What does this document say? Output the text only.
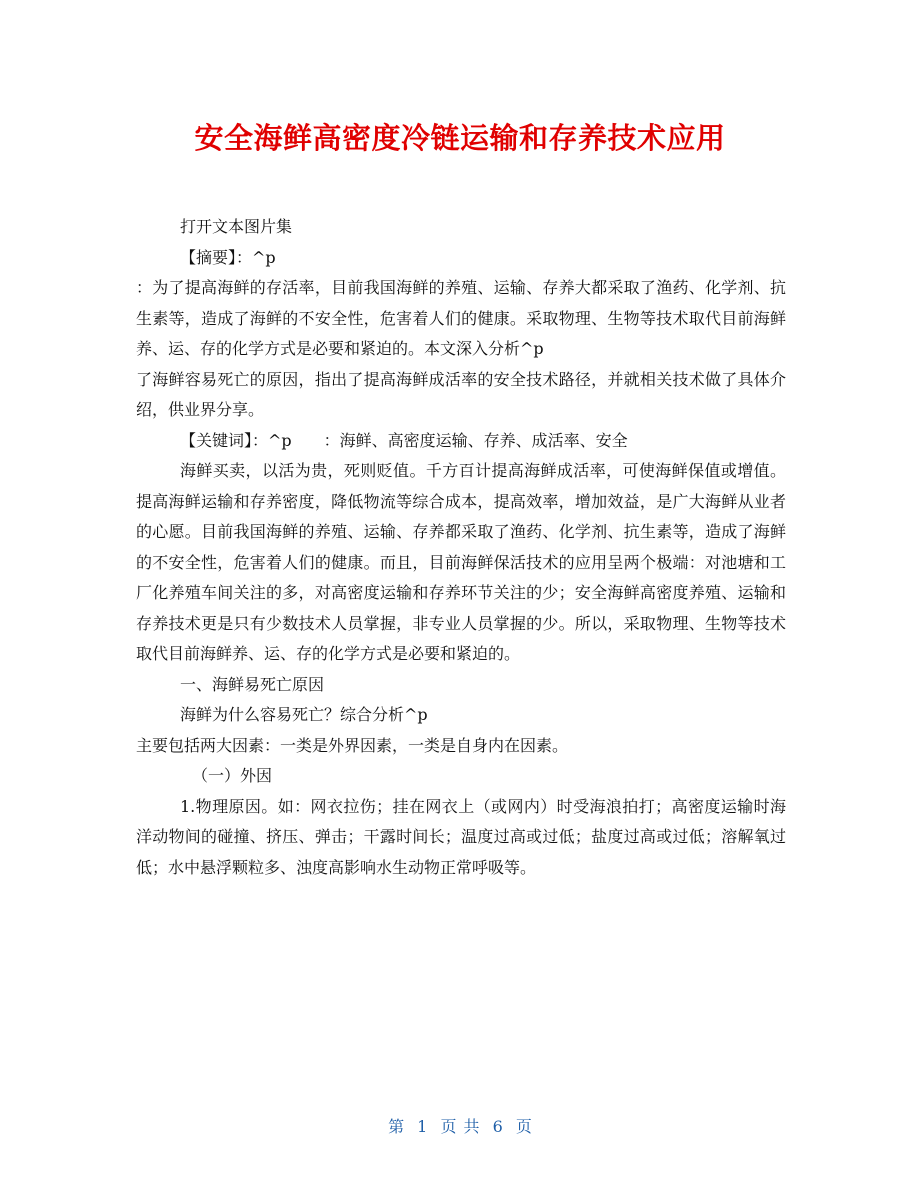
安全海鲜高密度冷链运输和存养技术应用

打开文本图片集

【摘要】：^p

：为了提高海鲜的存活率，目前我国海鲜的养殖、运输、存养大都采取了渔药、化学剂、抗生素等，造成了海鲜的不安全性，危害着人们的健康。采取物理、生物等技术取代目前海鲜养、运、存的化学方式是必要和紧迫的。本文深入分析^p

了海鲜容易死亡的原因，指出了提高海鲜成活率的安全技术路径，并就相关技术做了具体介绍，供业界分享。

【关键词】：^p　　：海鲜、高密度运输、存养、成活率、安全

海鲜买卖，以活为贵，死则贬值。千方百计提高海鲜成活率，可使海鲜保值或增值。提高海鲜运输和存养密度，降低物流等综合成本，提高效率，增加效益，是广大海鲜从业者的心愿。目前我国海鲜的养殖、运输、存养都采取了渔药、化学剂、抗生素等，造成了海鲜的不安全性，危害着人们的健康。而且，目前海鲜保活技术的应用呈两个极端：对池塘和工厂化养殖车间关注的多，对高密度运输和存养环节关注的少；安全海鲜高密度养殖、运输和存养技术更是只有少数技术人员掌握，非专业人员掌握的少。所以，采取物理、生物等技术取代目前海鲜养、运、存的化学方式是必要和紧迫的。

一、海鲜易死亡原因

海鲜为什么容易死亡？综合分析^p

主要包括两大因素：一类是外界因素，一类是自身内在因素。

（一）外因

1.物理原因。如：网衣拉伤；挂在网衣上（或网内）时受海浪拍打；高密度运输时海洋动物间的碰撞、挤压、弹击；干露时间长；温度过高或过低；盐度过高或过低；溶解氧过低；水中悬浮颗粒多、浊度高影响水生动物正常呼吸等。

第 1 页 共 6 页
